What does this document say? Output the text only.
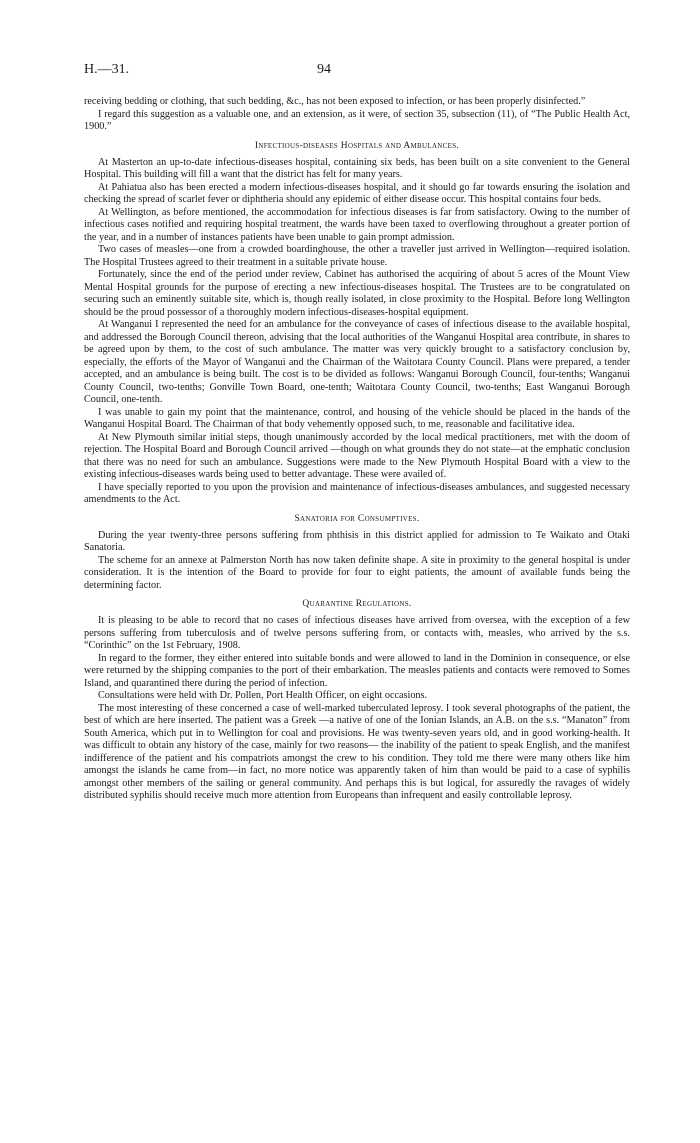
H.—31.	94

receiving bedding or clothing, that such bedding, &c., has not been exposed to infection, or has been properly disinfected.”

I regard this suggestion as a valuable one, and an extension, as it were, of section 35, subsection (11), of “The Public Health Act, 1900.”

Infectious-diseases Hospitals and Ambulances.

At Masterton an up-to-date infectious-diseases hospital, containing six beds, has been built on a site convenient to the General Hospital. This building will fill a want that the district has felt for many years.

At Pahiatua also has been erected a modern infectious-diseases hospital, and it should go far towards ensuring the isolation and checking the spread of scarlet fever or diphtheria should any epidemic of either disease occur. This hospital contains four beds.

At Wellington, as before mentioned, the accommodation for infectious diseases is far from satisfactory. Owing to the number of infectious cases notified and requiring hospital treatment, the wards have been taxed to overflowing throughout a greater portion of the year, and in a number of instances patients have been unable to gain prompt admission.

Two cases of measles—one from a crowded boardinghouse, the other a traveller just arrived in Wellington—required isolation. The Hospital Trustees agreed to their treatment in a suitable private house.

Fortunately, since the end of the period under review, Cabinet has authorised the acquiring of about 5 acres of the Mount View Mental Hospital grounds for the purpose of erecting a new infectious-diseases hospital. The Trustees are to be congratulated on securing such an eminently suitable site, which is, though really isolated, in close proximity to the Hospital. Before long Wellington should be the proud possessor of a thoroughly modern infectious-diseases-hospital equipment.

At Wanganui I represented the need for an ambulance for the conveyance of cases of infectious disease to the available hospital, and addressed the Borough Council thereon, advising that the local authorities of the Wanganui Hospital area contribute, in shares to be agreed upon by them, to the cost of such ambulance. The matter was very quickly brought to a satisfactory conclusion by, especially, the efforts of the Mayor of Wanganui and the Chairman of the Waitotara County Council. Plans were prepared, a tender accepted, and an ambulance is being built. The cost is to be divided as follows: Wanganui Borough Council, four-tenths; Wanganui County Council, two-tenths; Gonville Town Board, one-tenth; Waitotara County Council, two-tenths; East Wanganui Borough Council, one-tenth.

I was unable to gain my point that the maintenance, control, and housing of the vehicle should be placed in the hands of the Wanganui Hospital Board. The Chairman of that body vehemently opposed such, to me, reasonable and facilitative idea.

At New Plymouth similar initial steps, though unanimously accorded by the local medical practitioners, met with the doom of rejection. The Hospital Board and Borough Council arrived —though on what grounds they do not state—at the emphatic conclusion that there was no need for such an ambulance. Suggestions were made to the New Plymouth Hospital Board with a view to the existing infectious-diseases wards being used to better advantage. These were availed of.

I have specially reported to you upon the provision and maintenance of infectious-diseases ambulances, and suggested necessary amendments to the Act.

Sanatoria for Consumptives.

During the year twenty-three persons suffering from phthisis in this district applied for admission to Te Waikato and Otaki Sanatoria.

The scheme for an annexe at Palmerston North has now taken definite shape. A site in proximity to the general hospital is under consideration. It is the intention of the Board to provide for four to eight patients, the amount of available funds being the determining factor.

Quarantine Regulations.

It is pleasing to be able to record that no cases of infectious diseases have arrived from oversea, with the exception of a few persons suffering from tuberculosis and of twelve persons suffering from, or contacts with, measles, who arrived by the s.s. “Corinthic” on the 1st February, 1908.

In regard to the former, they either entered into suitable bonds and were allowed to land in the Dominion in consequence, or else were returned by the shipping companies to the port of their embarkation. The measles patients and contacts were removed to Somes Island, and quarantined there during the period of infection.

Consultations were held with Dr. Pollen, Port Health Officer, on eight occasions.

The most interesting of these concerned a case of well-marked tuberculated leprosy. I took several photographs of the patient, the best of which are here inserted. The patient was a Greek —a native of one of the Ionian Islands, an A.B. on the s.s. “Manaton” from South America, which put in to Wellington for coal and provisions. He was twenty-seven years old, and in good working-health. It was difficult to obtain any history of the case, mainly for two reasons— the inability of the patient to speak English, and the manifest indifference of the patient and his compatriots amongst the crew to his condition. They told me there were many others like him amongst the islands he came from—in fact, no more notice was apparently taken of him than would be paid to a case of syphilis amongst other members of the sailing or general community. And perhaps this is but logical, for assuredly the ravages of widely distributed syphilis should receive much more attention from Europeans than infrequent and easily controllable leprosy.
